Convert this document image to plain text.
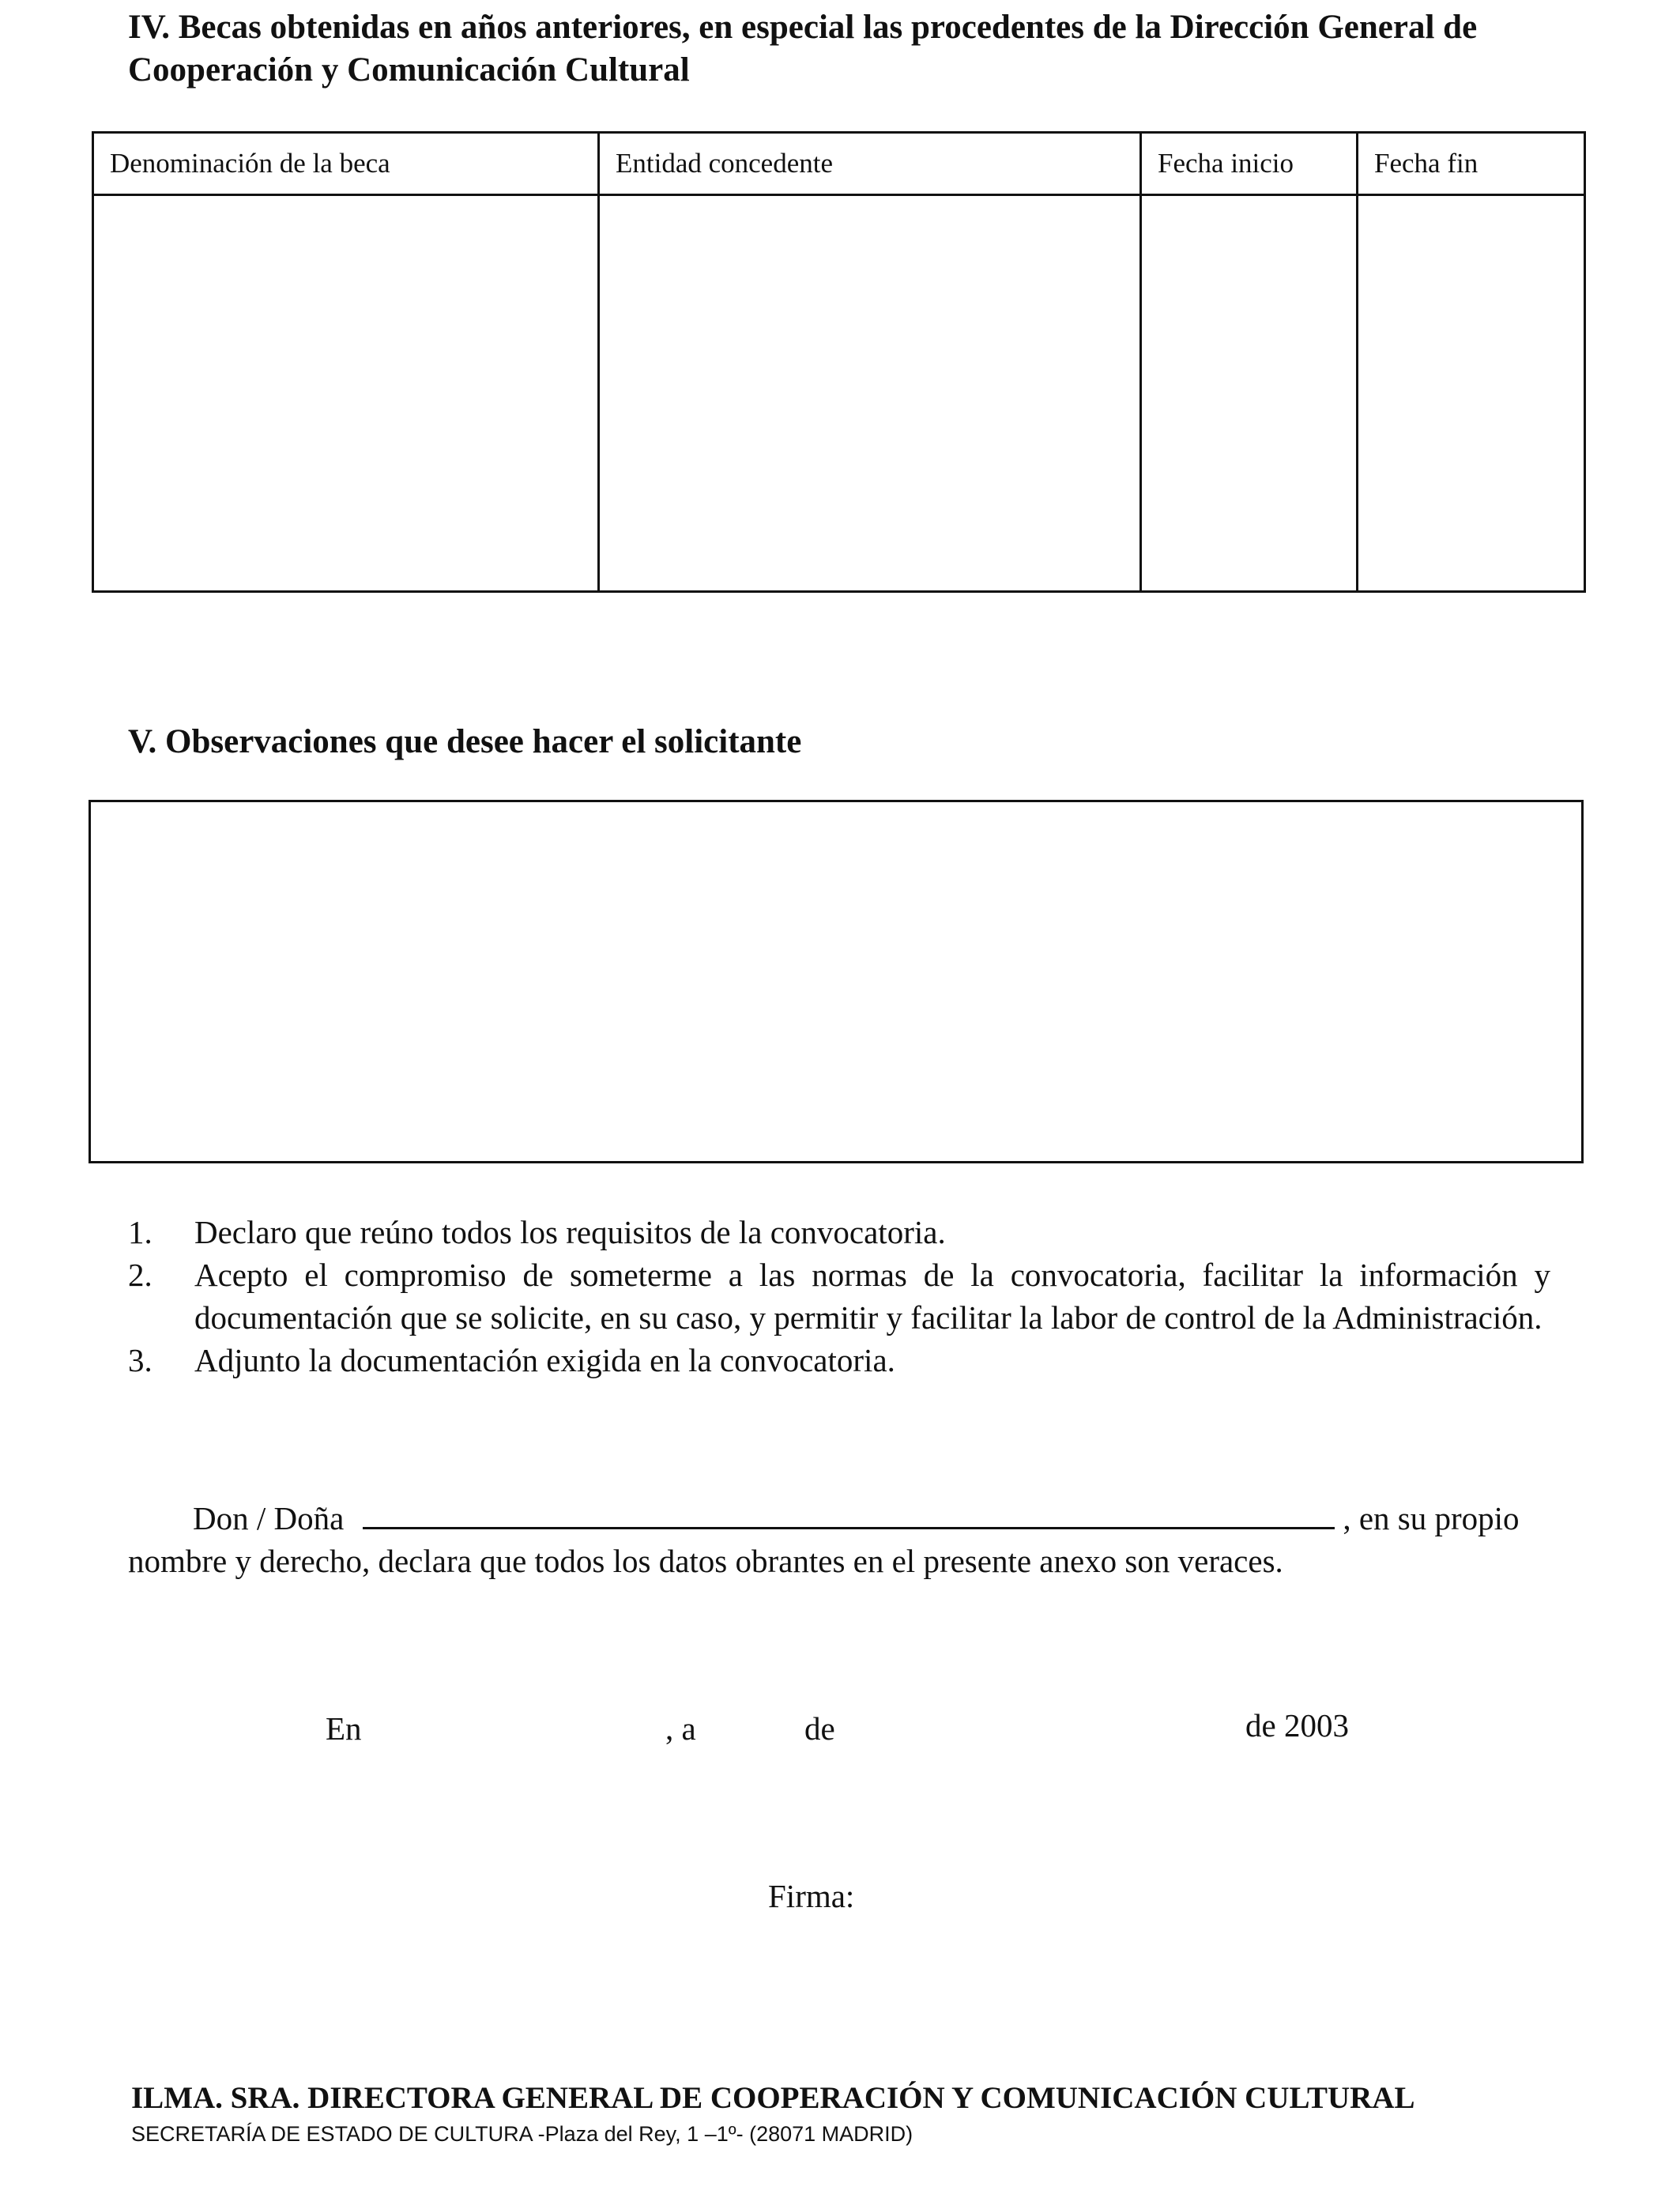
IV. Becas obtenidas en años anteriores, en especial las procedentes de la Dirección General de Cooperación y Comunicación Cultural
Denominación de la beca	Entidad concedente	Fecha inicio	Fecha fin

V. Observaciones que desee hacer el solicitante
1.	Declaro que reúno todos los requisitos de la convocatoria.
2.	Acepto el compromiso de someterme a las normas de la convocatoria, facilitar la información y documentación que se solicite, en su caso, y permitir y facilitar la labor de control de la Administración.
3.	Adjunto la documentación exigida en la convocatoria.
Don / Doña	, en su propio
nombre y derecho, declara que todos los datos obrantes en el presente anexo son veraces.
En	, a	de	de 2003
Firma:
ILMA. SRA. DIRECTORA GENERAL DE COOPERACIÓN Y COMUNICACIÓN CULTURAL
SECRETARÍA DE ESTADO DE CULTURA -Plaza del Rey, 1 –1º- (28071 MADRID)
